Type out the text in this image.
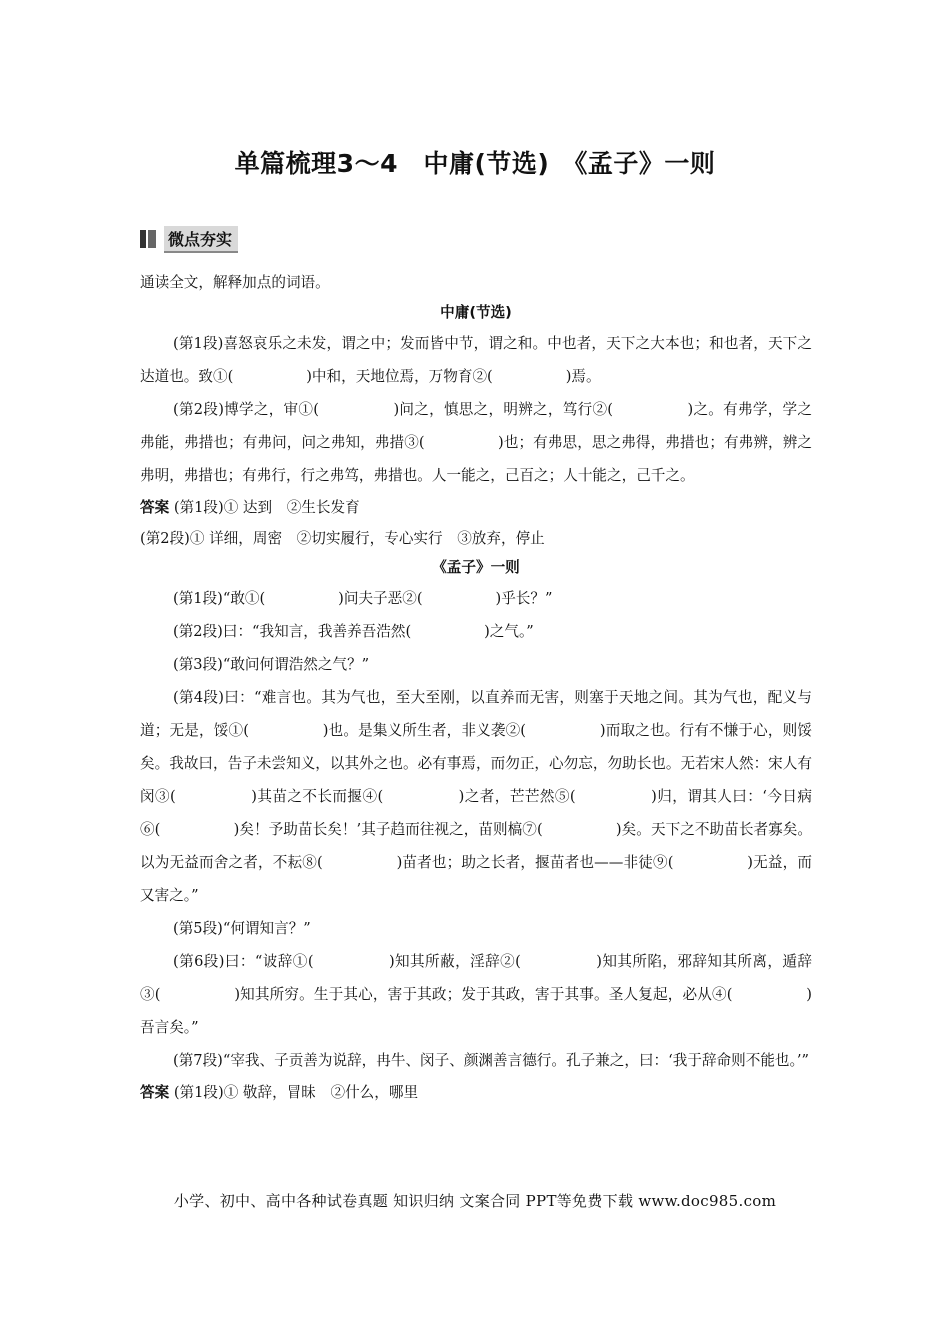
单篇梳理3～4　中庸(节选)　《孟子》一则
微点夯实

通读全文，解释加点的词语。

中庸(节选)

(第1段)喜怒哀乐之未发，谓之中；发而皆中节，谓之和。中也者，天下之大本也；和也者，天下之达道也。致①(　　　　　)中和，天地位焉，万物育②(　　　　　)焉。

(第2段)博学之，审①(　　　　　)问之，慎思之，明辨之，笃行②(　　　　　)之。有弗学，学之弗能，弗措也；有弗问，问之弗知，弗措③(　　　　　)也；有弗思，思之弗得，弗措也；有弗辨，辨之弗明，弗措也；有弗行，行之弗笃，弗措也。人一能之，己百之；人十能之，己千之。

答案 (第1段)① 达到　②生长发育

(第2段)① 详细，周密　②切实履行，专心实行　③放弃，停止

《孟子》一则

(第1段)“敢①(　　　　　)问夫子恶②(　　　　　)乎长？”

(第2段)曰：“我知言，我善养吾浩然(　　　　　)之气。”

(第3段)“敢问何谓浩然之气？”

(第4段)曰：“难言也。其为气也，至大至刚，以直养而无害，则塞于天地之间。其为气也，配义与道；无是，馁①(　　　　　)也。是集义所生者，非义袭②(　　　　　)而取之也。行有不慊于心，则馁矣。我故曰，告子未尝知义，以其外之也。必有事焉，而勿正，心勿忘，勿助长也。无若宋人然：宋人有闵③(　　　　　)其苗之不长而揠④(　　　　　)之者，芒芒然⑤(　　　　　)归，谓其人曰：‘今日病⑥(　　　　　)矣！予助苗长矣！’其子趋而往视之，苗则槁⑦(　　　　　)矣。天下之不助苗长者寡矣。以为无益而舍之者，不耘⑧(　　　　　)苗者也；助之长者，揠苗者也——非徒⑨(　　　　　)无益，而又害之。”

(第5段)“何谓知言？”

(第6段)曰：“诐辞①(　　　　　)知其所蔽，淫辞②(　　　　　)知其所陷，邪辞知其所离，遁辞③(　　　　　)知其所穷。生于其心，害于其政；发于其政，害于其事。圣人复起，必从④(　　　　　)吾言矣。”

(第7段)“宰我、子贡善为说辞，冉牛、闵子、颜渊善言德行。孔子兼之，曰：‘我于辞命则不能也。’”

答案 (第1段)① 敬辞，冒昧　②什么，哪里

小学、初中、高中各种试卷真题 知识归纳 文案合同 PPT等免费下载 www.doc985.com
